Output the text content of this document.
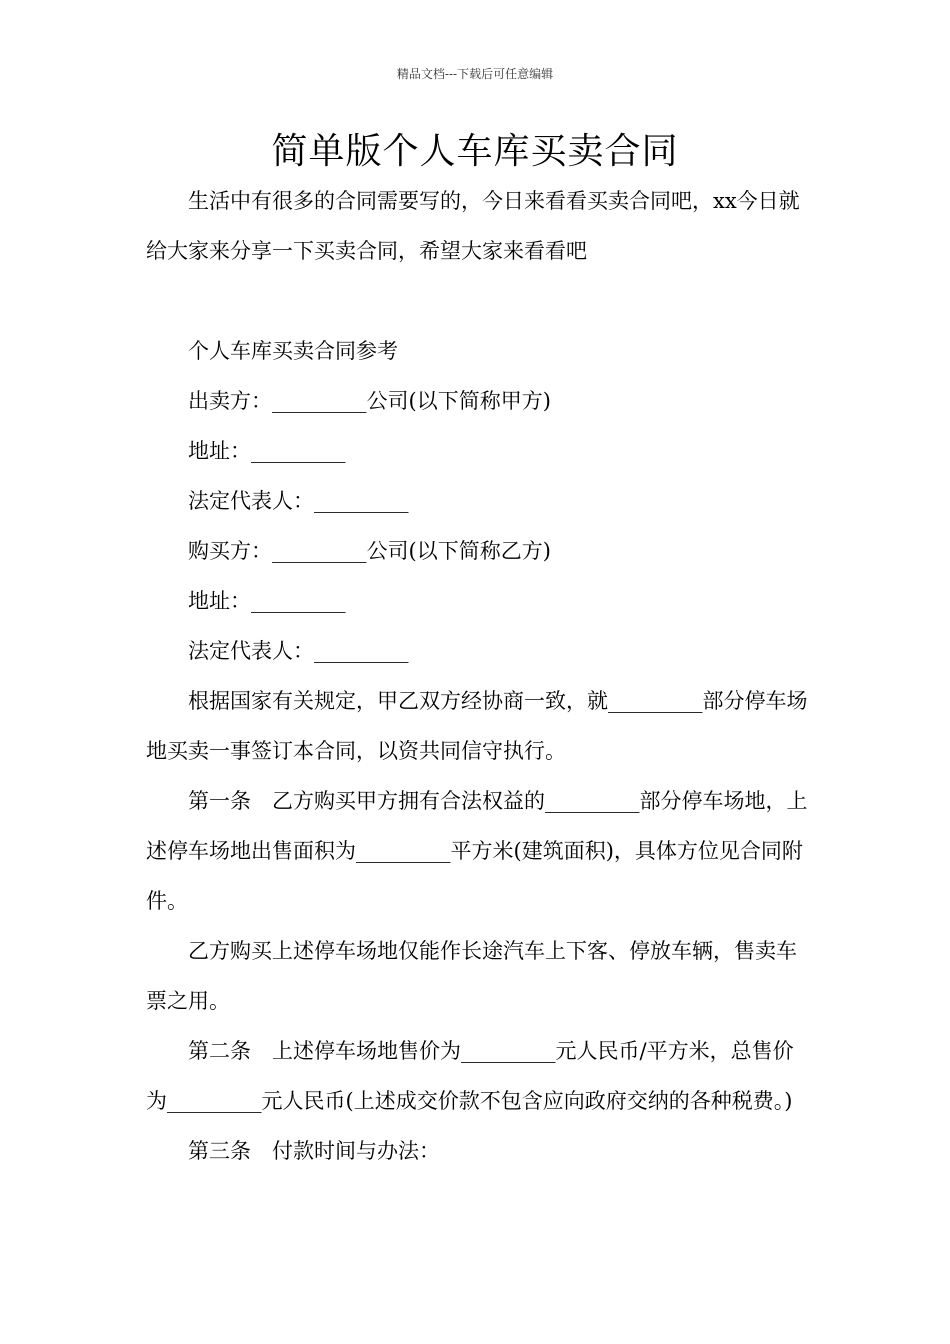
精品文档---下载后可任意编辑
简单版个人车库买卖合同

生活中有很多的合同需要写的，今日来看看买卖合同吧，xx今日就给大家来分享一下买卖合同，希望大家来看看吧

个人车库买卖合同参考

出卖方：_________公司(以下简称甲方)

地址：_________

法定代表人：_________

购买方：_________公司(以下简称乙方)

地址：_________

法定代表人：_________

根据国家有关规定，甲乙双方经协商一致，就_________部分停车场地买卖一事签订本合同，以资共同信守执行。

第一条　乙方购买甲方拥有合法权益的_________部分停车场地，上述停车场地出售面积为_________平方米(建筑面积)，具体方位见合同附件。

乙方购买上述停车场地仅能作长途汽车上下客、停放车辆，售卖车票之用。

第二条　上述停车场地售价为_________元人民币/平方米，总售价为_________元人民币(上述成交价款不包含应向政府交纳的各种税费。)

第三条　付款时间与办法：
